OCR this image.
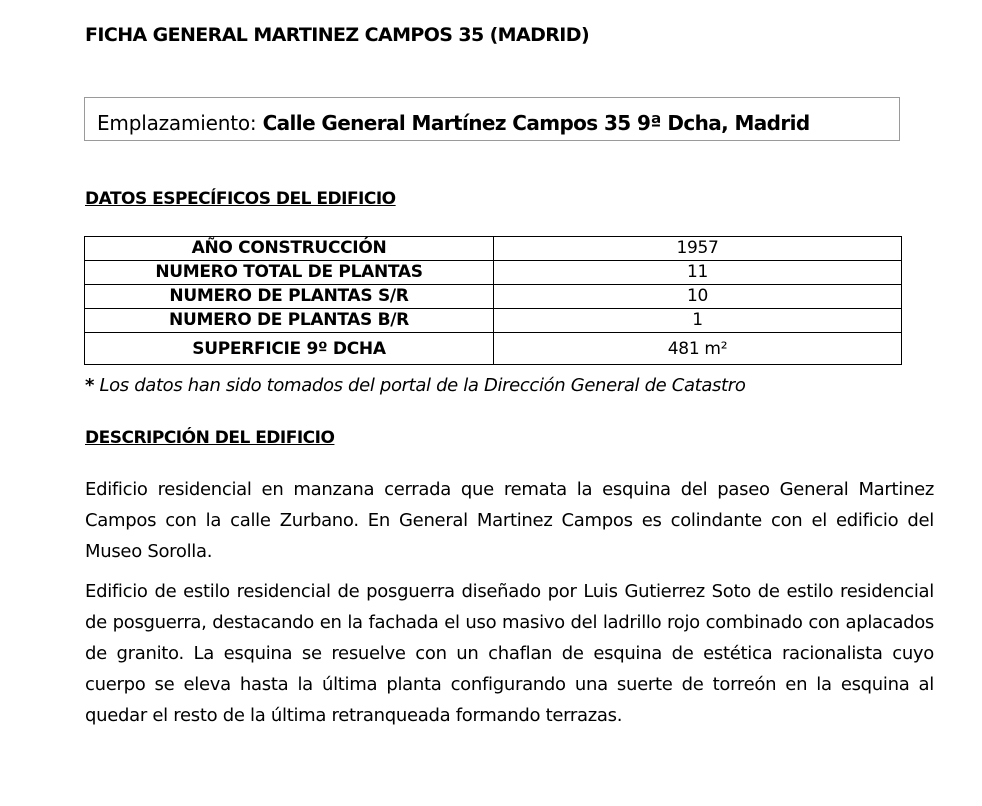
FICHA GENERAL MARTINEZ CAMPOS 35 (MADRID)
Emplazamiento: Calle General Martínez Campos 35 9ª Dcha, Madrid
DATOS ESPECÍFICOS DEL EDIFICIO
AÑO CONSTRUCCIÓN	1957
NUMERO TOTAL DE PLANTAS	11
NUMERO DE PLANTAS S/R	10
NUMERO DE PLANTAS B/R	1
SUPERFICIE 9º DCHA	481 m²
* Los datos han sido tomados del portal de la Dirección General de Catastro
DESCRIPCIÓN DEL EDIFICIO

Edificio residencial en manzana cerrada que remata la esquina del paseo General Martinez Campos con la calle Zurbano. En General Martinez Campos es colindante con el edificio del Museo Sorolla.

Edificio de estilo residencial de posguerra diseñado por Luis Gutierrez Soto de estilo residencial de posguerra, destacando en la fachada el uso masivo del ladrillo rojo combinado con aplacados de granito. La esquina se resuelve con un chaflan de esquina de estética racionalista cuyo cuerpo se eleva hasta la última planta configurando una suerte de torreón en la esquina al quedar el resto de la última retranqueada formando terrazas.
